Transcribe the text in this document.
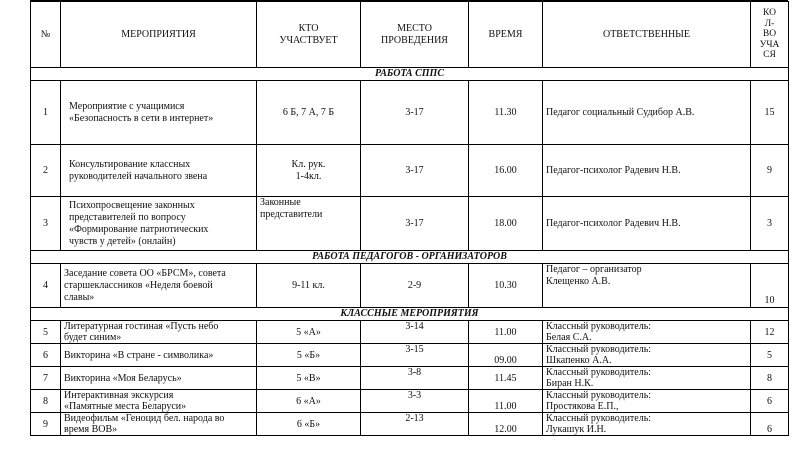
№	МЕРОПРИЯТИЯ	КТО
УЧАСТВУЕТ	МЕСТО
ПРОВЕДЕНИЯ	ВРЕМЯ	ОТВЕТСТВЕННЫЕ	КО
Л-
ВО
УЧА
СЯ
РАБОТА СППС						
1	Мероприятие с учащимися
«Безопасность в сети в интернет»	6 Б, 7 А, 7 Б	3-17	11.30	Педагог социальный Судибор А.В.	15
2	Консультирование классных
руководителей начального звена	Кл. рук.
1-4кл.	3-17	16.00	Педагог-психолог Радевич Н.В.	9
3	Психопросвещение законных
представителей по вопросу
«Формирование патриотических
чувств у детей» (онлайн)	Законные
представители	3-17	18.00	Педагог-психолог Радевич Н.В.	3
РАБОТА ПЕДАГОГОВ - ОРГАНИЗАТОРОВ						
4	Заседание совета ОО «БРСМ», совета
старшеклассников «Неделя боевой
славы»	9-11 кл.	2-9	10.30	Педагог – организатор
Клещенко А.В.	10
КЛАССНЫЕ МЕРОПРИЯТИЯ						
5	Литературная гостиная «Пусть небо
будет синим»	5 «А»	3-14	11.00	Классный руководитель:
Белая С.А.	12
6	Викторина «В стране - символика»	5 «Б»	3-15	09.00	Классный руководитель:
Шкапенко А.А.	5
7	Викторина «Моя Беларусь»	5 «В»	3-8	11.45	Классный руководитель:
Биран Н.К.	8
8	Интерактивная экскурсия
«Памятные места Беларуси»	6 «А»	3-3	11.00	Классный руководитель:
Простякова Е.П.,	6
9	Видеофильм «Геноцид бел. народа во
время ВОВ»	6 «Б»	2-13	12.00	Классный руководитель:
Лукашук И.Н.	6
